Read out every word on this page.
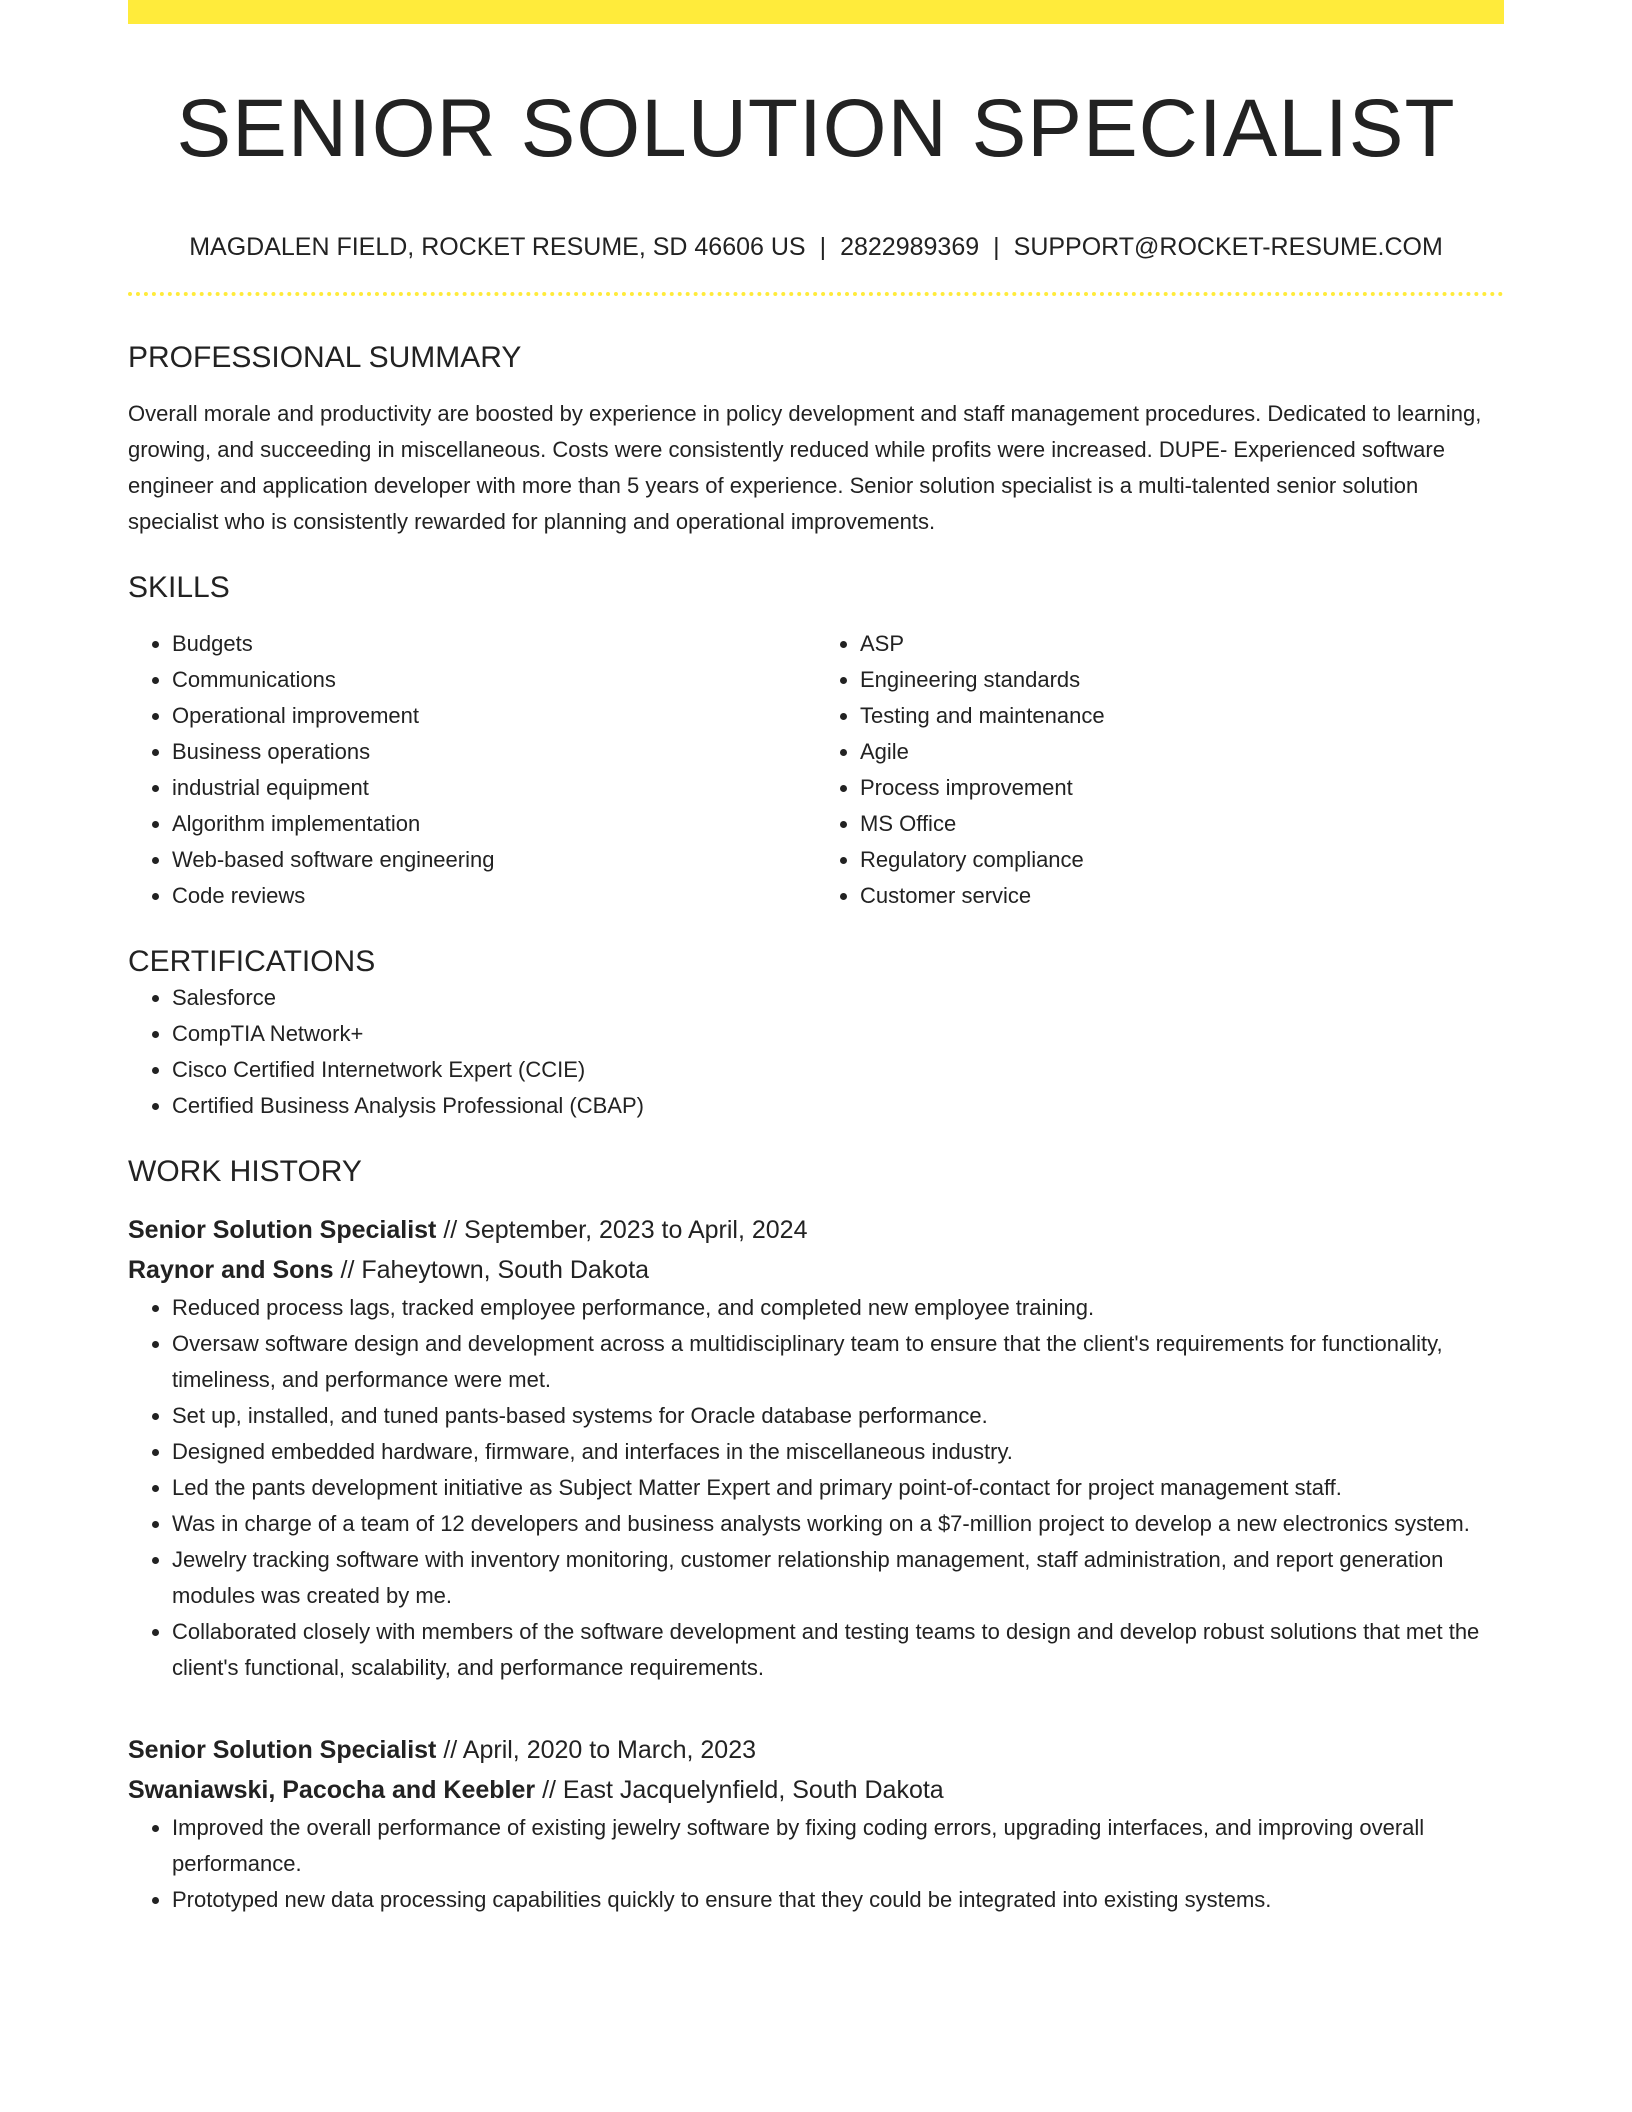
SENIOR SOLUTION SPECIALIST
MAGDALEN FIELD, ROCKET RESUME, SD 46606 US | 2822989369 | SUPPORT@ROCKET-RESUME.COM
PROFESSIONAL SUMMARY

Overall morale and productivity are boosted by experience in policy development and staff management procedures. Dedicated to learning, growing, and succeeding in miscellaneous. Costs were consistently reduced while profits were increased. DUPE- Experienced software engineer and application developer with more than 5 years of experience. Senior solution specialist is a multi-talented senior solution specialist who is consistently rewarded for planning and operational improvements.

SKILLS
• Budgets
• Communications
• Operational improvement
• Business operations
• industrial equipment
• Algorithm implementation
• Web-based software engineering
• Code reviews
• ASP
• Engineering standards
• Testing and maintenance
• Agile
• Process improvement
• MS Office
• Regulatory compliance
• Customer service
CERTIFICATIONS
• Salesforce
• CompTIA Network+
• Cisco Certified Internetwork Expert (CCIE)
• Certified Business Analysis Professional (CBAP)
WORK HISTORY
Senior Solution Specialist // September, 2023 to April, 2024
Raynor and Sons // Faheytown, South Dakota
• Reduced process lags, tracked employee performance, and completed new employee training.
• Oversaw software design and development across a multidisciplinary team to ensure that the client's requirements for functionality, timeliness, and performance were met.
• Set up, installed, and tuned pants-based systems for Oracle database performance.
• Designed embedded hardware, firmware, and interfaces in the miscellaneous industry.
• Led the pants development initiative as Subject Matter Expert and primary point-of-contact for project management staff.
• Was in charge of a team of 12 developers and business analysts working on a $7-million project to develop a new electronics system.
• Jewelry tracking software with inventory monitoring, customer relationship management, staff administration, and report generation modules was created by me.
• Collaborated closely with members of the software development and testing teams to design and develop robust solutions that met the client's functional, scalability, and performance requirements.
Senior Solution Specialist // April, 2020 to March, 2023
Swaniawski, Pacocha and Keebler // East Jacquelynfield, South Dakota
• Improved the overall performance of existing jewelry software by fixing coding errors, upgrading interfaces, and improving overall performance.
• Prototyped new data processing capabilities quickly to ensure that they could be integrated into existing systems.
